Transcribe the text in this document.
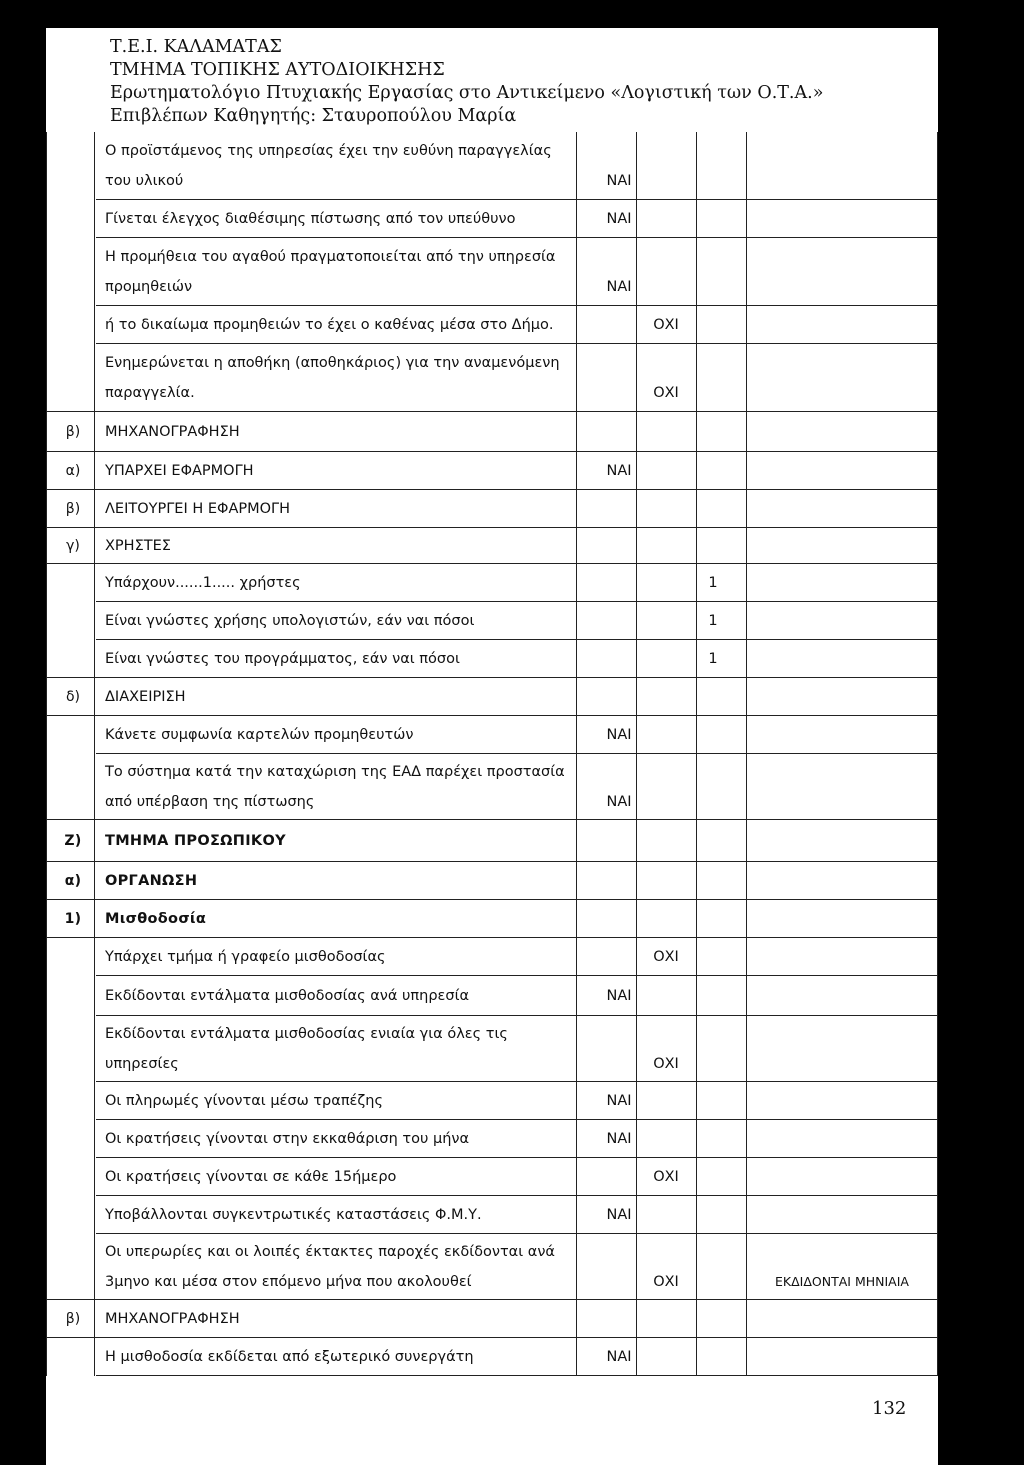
Τ.Ε.Ι. ΚΑΛΑΜΑΤΑΣ
ΤΜΗΜΑ ΤΟΠΙΚΗΣ ΑΥΤΟΔΙΟΙΚΗΣΗΣ
Ερωτηματολόγιο Πτυχιακής Εργασίας στο Αντικείμενο «Λογιστική των Ο.Τ.Α.»
Επιβλέπων Καθηγητής: Σταυροπούλου Μαρία
Ο προϊστάμενος της υπηρεσίας έχει την ευθύνη παραγγελίας
του υλικού	ΝΑΙ
Γίνεται έλεγχος διαθέσιμης πίστωσης από τον υπεύθυνο	ΝΑΙ
Η προμήθεια του αγαθού πραγματοποιείται από την υπηρεσία
προμηθειών	ΝΑΙ
ή το δικαίωμα προμηθειών το έχει ο καθένας μέσα στο Δήμο.	ΟΧΙ
Ενημερώνεται η αποθήκη (αποθηκάριος) για την αναμενόμενη
παραγγελία.	ΟΧΙ
β)	ΜΗΧΑΝΟΓΡΑΦΗΣΗ
α)	ΥΠΑΡΧΕΙ ΕΦΑΡΜΟΓΗ	ΝΑΙ
β)	ΛΕΙΤΟΥΡΓΕΙ Η ΕΦΑΡΜΟΓΗ
γ)	ΧΡΗΣΤΕΣ
Υπάρχουν......1..... χρήστες	1
Είναι γνώστες χρήσης υπολογιστών, εάν ναι πόσοι	1
Είναι γνώστες του προγράμματος, εάν ναι πόσοι	1
δ)	ΔΙΑΧΕΙΡΙΣΗ
Κάνετε συμφωνία καρτελών προμηθευτών	ΝΑΙ
Το σύστημα κατά την καταχώριση της ΕΑΔ παρέχει προστασία
από υπέρβαση της πίστωσης	ΝΑΙ
Ζ)	ΤΜΗΜΑ ΠΡΟΣΩΠΙΚΟΥ
α)	ΟΡΓΑΝΩΣΗ
1)	Μισθοδοσία
Υπάρχει τμήμα ή γραφείο μισθοδοσίας	ΟΧΙ
Εκδίδονται εντάλματα μισθοδοσίας ανά υπηρεσία	ΝΑΙ
Εκδίδονται εντάλματα μισθοδοσίας ενιαία για όλες τις
υπηρεσίες	ΟΧΙ
Οι πληρωμές γίνονται μέσω τραπέζης	ΝΑΙ
Οι κρατήσεις γίνονται στην εκκαθάριση του μήνα	ΝΑΙ
Οι κρατήσεις γίνονται σε κάθε 15ήμερο	ΟΧΙ
Υποβάλλονται συγκεντρωτικές καταστάσεις Φ.Μ.Υ.	ΝΑΙ
Οι υπερωρίες και οι λοιπές έκτακτες παροχές εκδίδονται ανά
3μηνο και μέσα στον επόμενο μήνα που ακολουθεί	ΟΧΙ	ΕΚΔΙΔΟΝΤΑΙ ΜΗΝΙΑΙΑ
β)	ΜΗΧΑΝΟΓΡΑΦΗΣΗ
Η μισθοδοσία εκδίδεται από εξωτερικό συνεργάτη	ΝΑΙ
132
